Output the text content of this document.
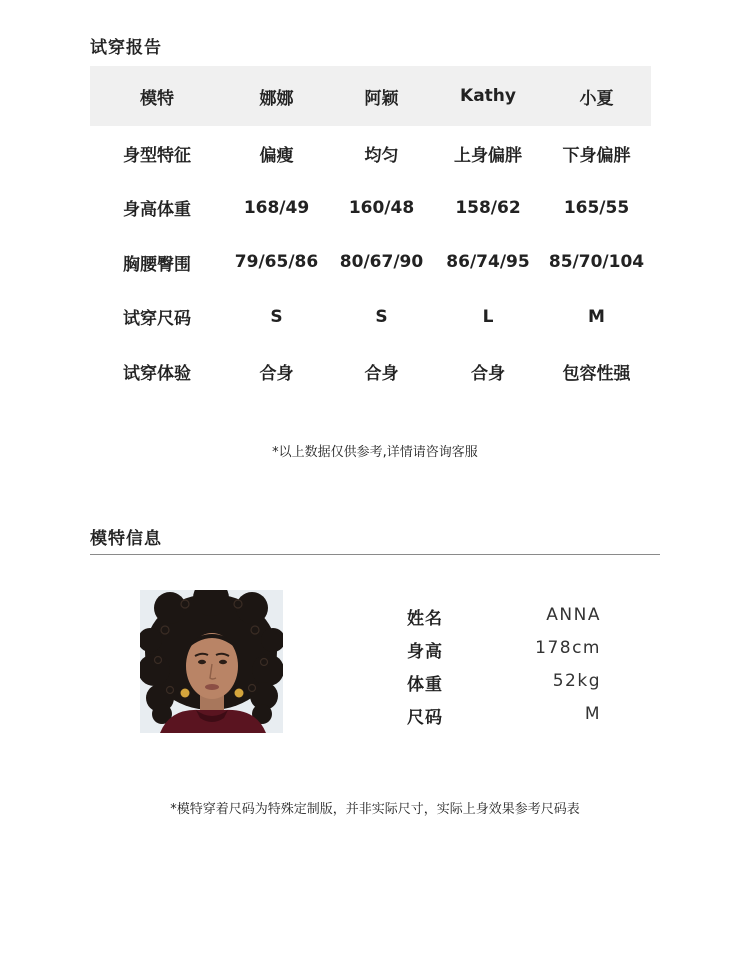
试穿报告
模特	娜娜	阿颖	Kathy	小夏
身型特征	偏瘦	均匀	上身偏胖	下身偏胖
身高体重	168/49	160/48	158/62	165/55
胸腰臀围	79/65/86	80/67/90	86/74/95	85/70/104
试穿尺码	S	S	L	M
试穿体验	合身	合身	合身	包容性强
*以上数据仅供参考,详情请咨询客服
模特信息
姓名	ANNA
身高	178cm
体重	52kg
尺码	M
*模特穿着尺码为特殊定制版，并非实际尺寸，实际上身效果参考尺码表
